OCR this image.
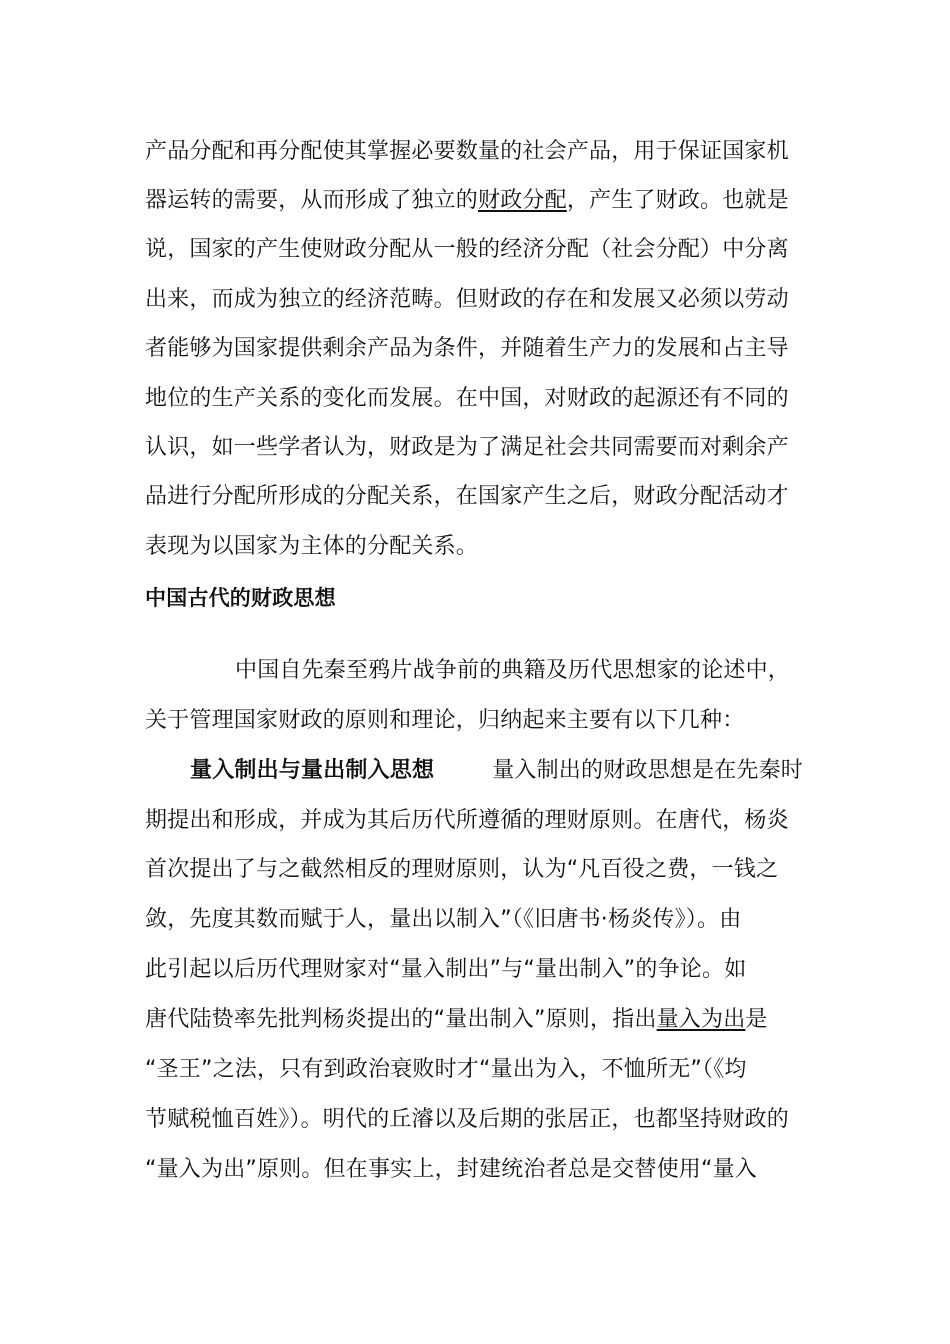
产品分配和再分配使其掌握必要数量的社会产品，用于保证国家机
器运转的需要，从而形成了独立的财政分配，产生了财政。也就是
说，国家的产生使财政分配从一般的经济分配（社会分配）中分离
出来，而成为独立的经济范畴。但财政的存在和发展又必须以劳动
者能够为国家提供剩余产品为条件，并随着生产力的发展和占主导
地位的生产关系的变化而发展。在中国，对财政的起源还有不同的
认识，如一些学者认为，财政是为了满足社会共同需要而对剩余产
品进行分配所形成的分配关系，在国家产生之后，财政分配活动才
表现为以国家为主体的分配关系。
中国古代的财政思想
中国自先秦至鸦片战争前的典籍及历代思想家的论述中，
关于管理国家财政的原则和理论，归纳起来主要有以下几种：
量入制出与量出制入思想	量入制出的财政思想是在先秦时
期提出和形成，并成为其后历代所遵循的理财原则。在唐代，杨炎
首次提出了与之截然相反的理财原则，认为“凡百役之费，一钱之
敛，先度其数而赋于人，量出以制入”（《旧唐书·杨炎传》）。由
此引起以后历代理财家对“量入制出”与“量出制入”的争论。如
唐代陆贽率先批判杨炎提出的“量出制入”原则，指出量入为出是
“圣王”之法，只有到政治衰败时才“量出为入，不恤所无”（《均
节赋税恤百姓》）。明代的丘濬以及后期的张居正，也都坚持财政的
“量入为出”原则。但在事实上，封建统治者总是交替使用“量入
